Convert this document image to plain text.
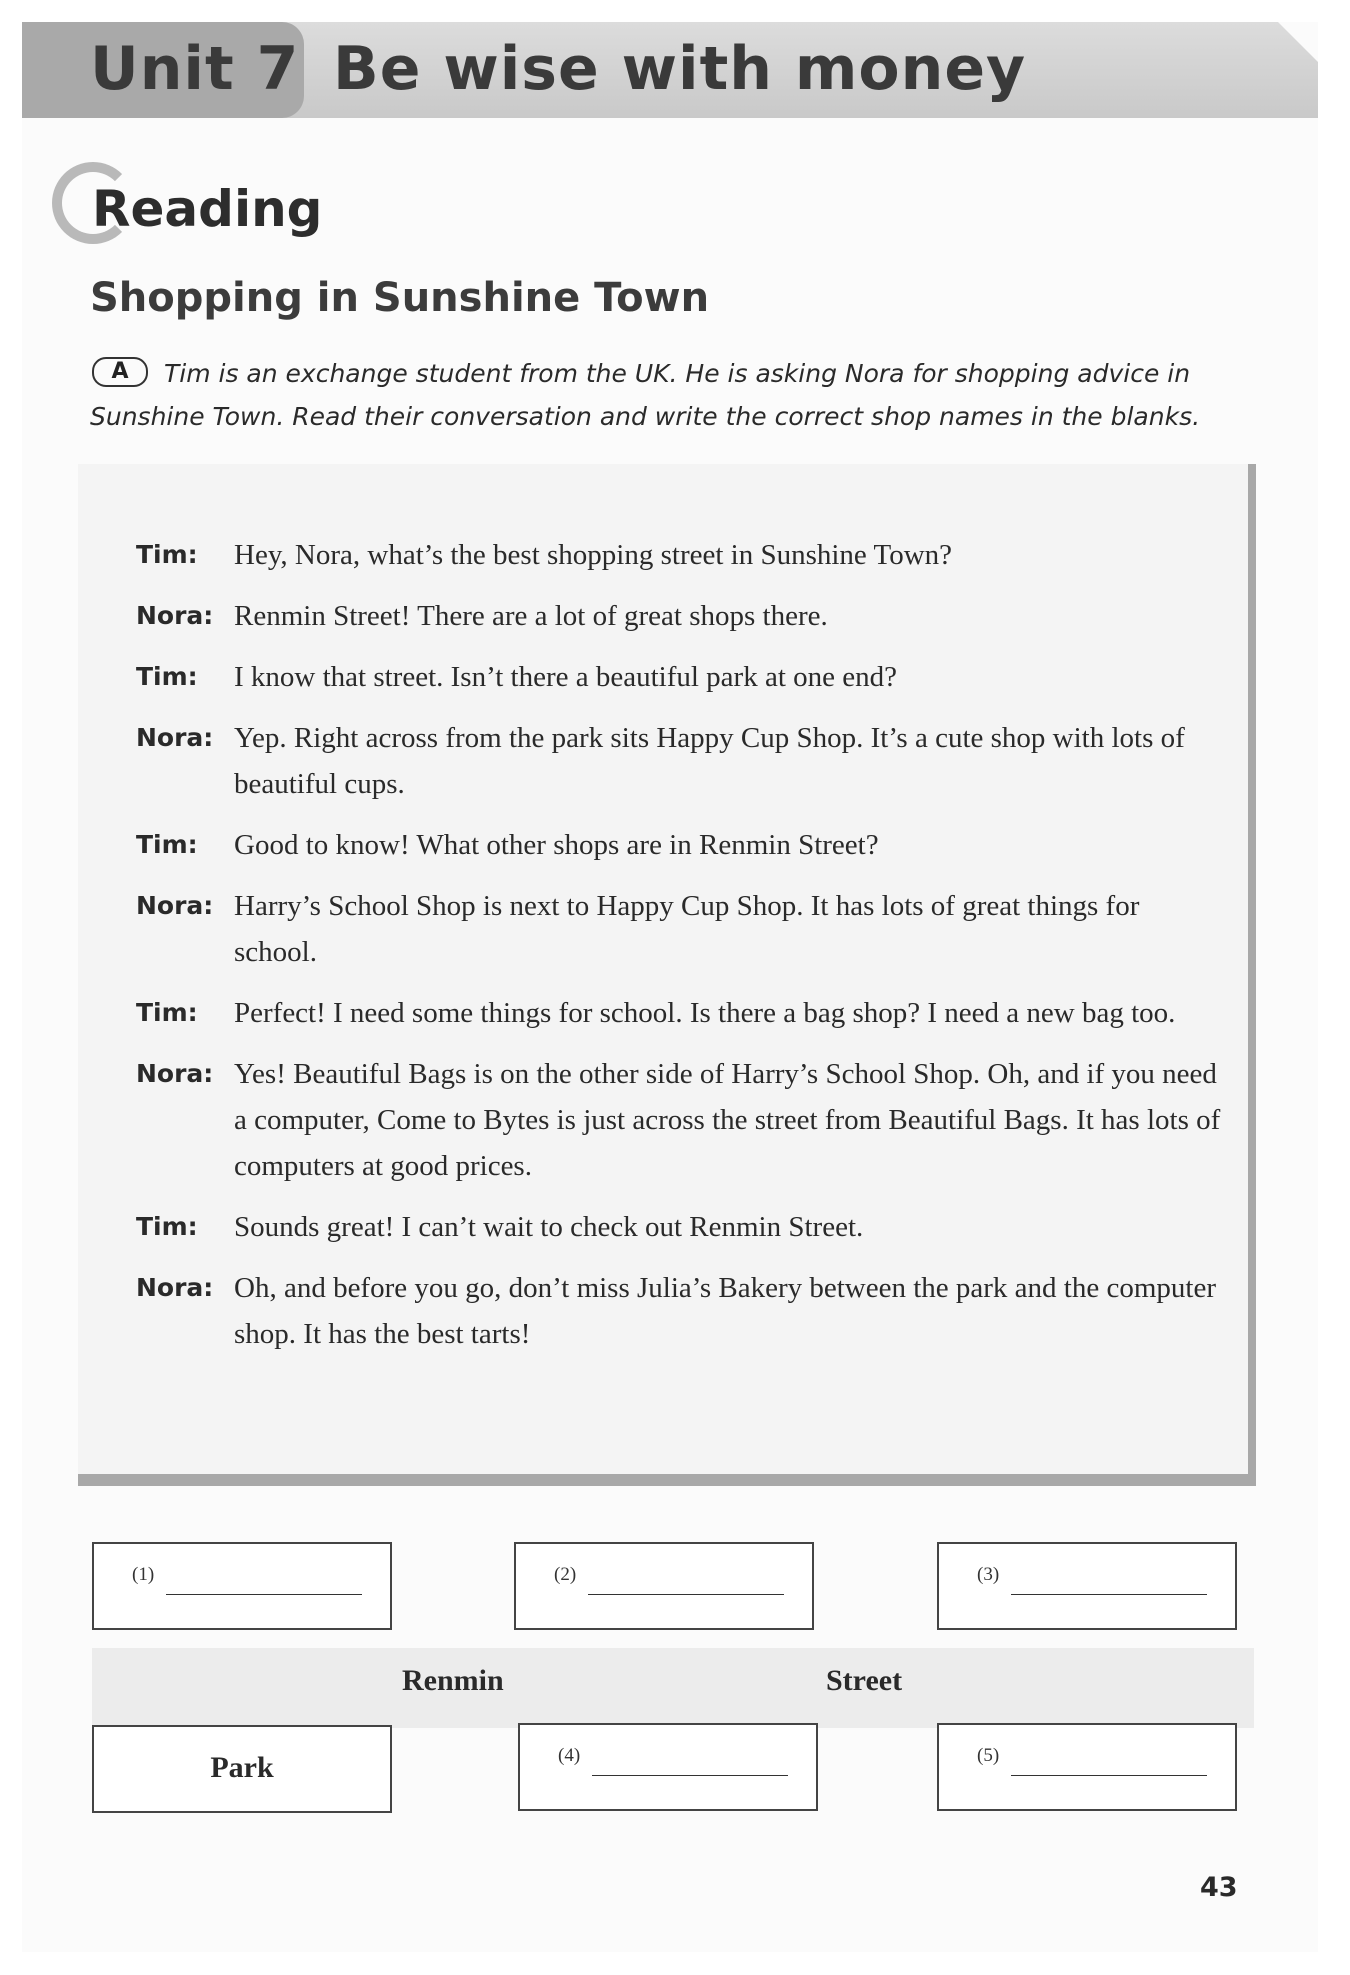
Unit 7 Be wise with money
Reading
Shopping in Sunshine Town
Tim is an exchange student from the UK. He is asking Nora for shopping advice in Sunshine Town. Read their conversation and write the correct shop names in the blanks.
A
Tim:	Hey, Nora, what’s the best shopping street in Sunshine Town?
Nora: Renmin Street! There are a lot of great shops there.
Tim:	I know that street. Isn’t there a beautiful park at one end?
Nora: Yep. Right across from the park sits Happy Cup Shop. It’s a cute shop with lots of beautiful cups.
Tim:	Good to know! What other shops are in Renmin Street?
Nora: Harry’s School Shop is next to Happy Cup Shop. It has lots of great things for school.
Tim:	Perfect! I need some things for school. Is there a bag shop? I need a new bag too.
Nora: Yes! Beautiful Bags is on the other side of Harry’s School Shop. Oh, and if you need a computer, Come to Bytes is just across the street from Beautiful Bags. It has lots of computers at good prices.
Tim:	Sounds great! I can’t wait to check out Renmin Street.
Nora: Oh, and before you go, don’t miss Julia’s Bakery between the park and the computer shop. It has the best tarts!
Renmin	Street
(1)	(2)	(3)
Park	(4)	(5)
43
